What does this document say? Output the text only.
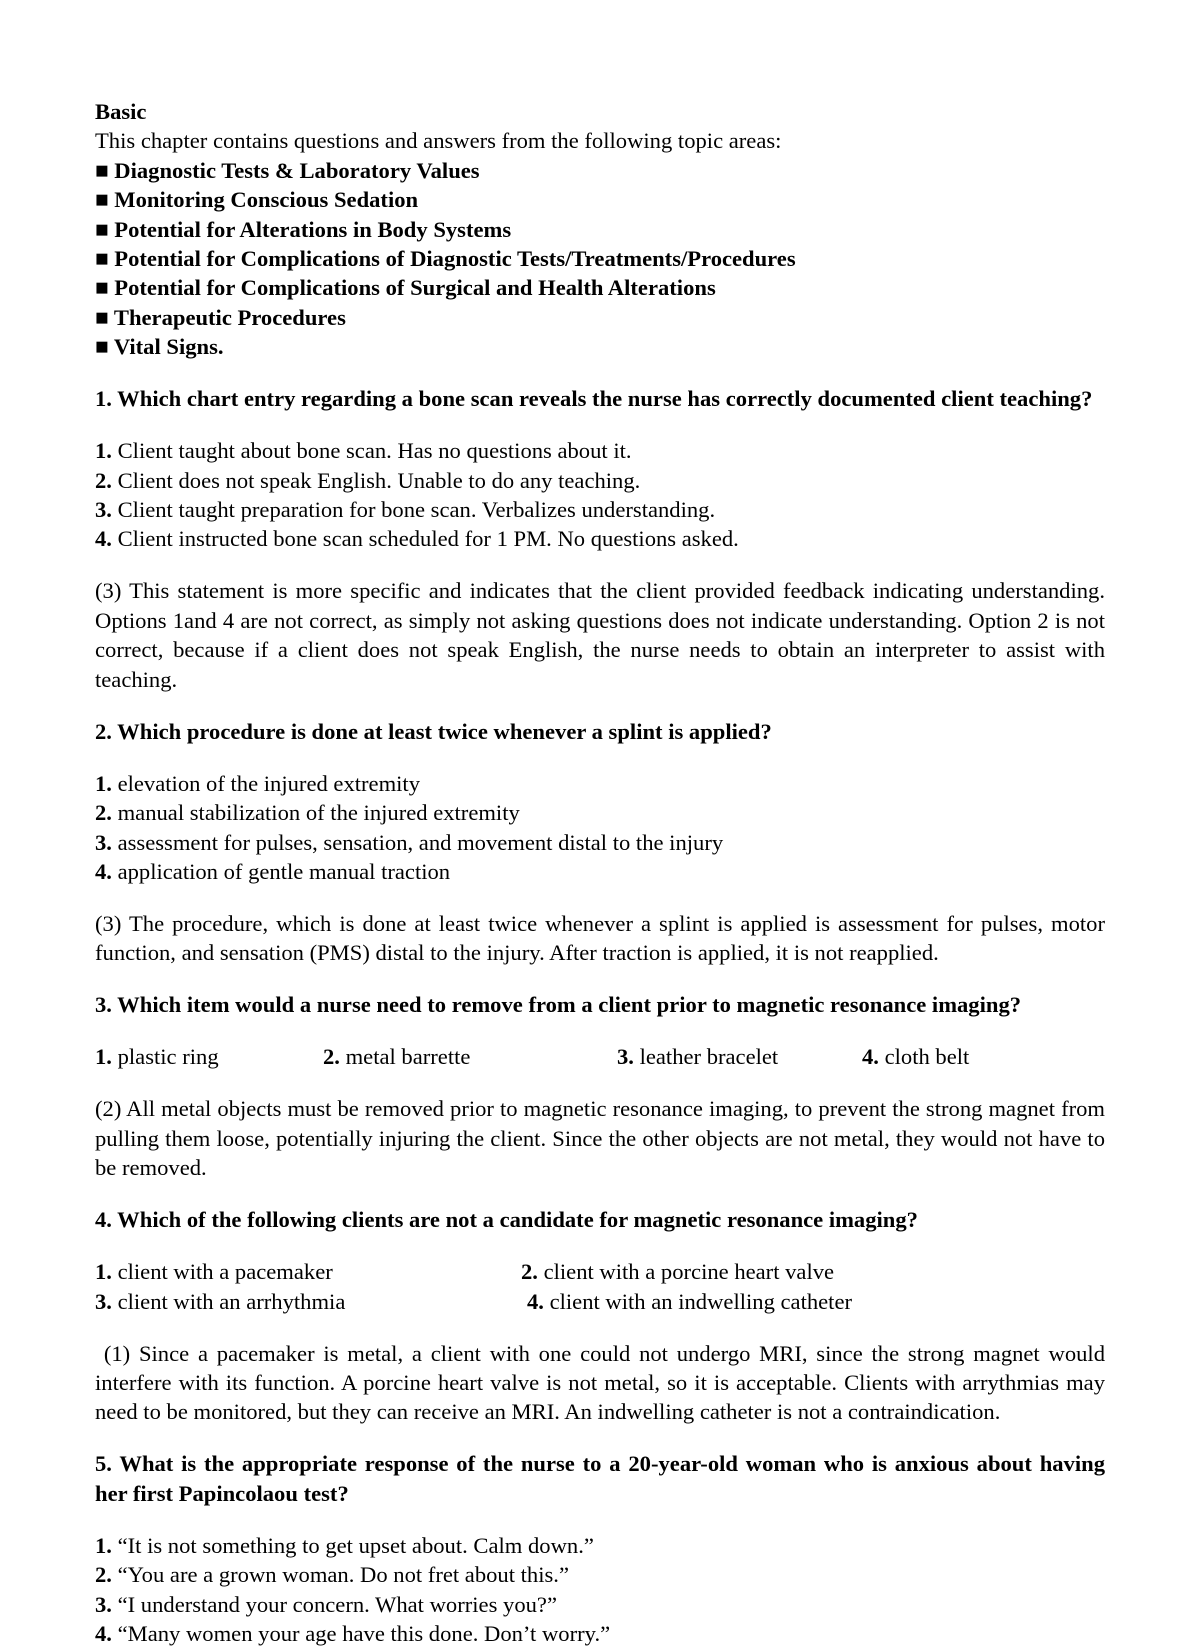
Basic

This chapter contains questions and answers from the following topic areas:

■ Diagnostic Tests & Laboratory Values

■ Monitoring Conscious Sedation

■ Potential for Alterations in Body Systems

■ Potential for Complications of Diagnostic Tests/Treatments/Procedures

■ Potential for Complications of Surgical and Health Alterations

■ Therapeutic Procedures

■ Vital Signs.

1. Which chart entry regarding a bone scan reveals the nurse has correctly documented client teaching?

1. Client taught about bone scan. Has no questions about it.

2. Client does not speak English. Unable to do any teaching.

3. Client taught preparation for bone scan. Verbalizes understanding.

4. Client instructed bone scan scheduled for 1 PM. No questions asked.

(3) This statement is more specific and indicates that the client provided feedback indicating understanding. Options 1and 4 are not correct, as simply not asking questions does not indicate understanding. Option 2 is not correct, because if a client does not speak English, the nurse needs to obtain an interpreter to assist with teaching.

2. Which procedure is done at least twice whenever a splint is applied?

1. elevation of the injured extremity

2. manual stabilization of the injured extremity

3. assessment for pulses, sensation, and movement distal to the injury

4. application of gentle manual traction

(3) The procedure, which is done at least twice whenever a splint is applied is assessment for pulses, motor function, and sensation (PMS) distal to the injury. After traction is applied, it is not reapplied.

3. Which item would a nurse need to remove from a client prior to magnetic resonance imaging?

1. plastic ring	2. metal barrette	3. leather bracelet	4. cloth belt

(2) All metal objects must be removed prior to magnetic resonance imaging, to prevent the strong magnet from pulling them loose, potentially injuring the client. Since the other objects are not metal, they would not have to be removed.

4. Which of the following clients are not a candidate for magnetic resonance imaging?

1. client with a pacemaker	2. client with a porcine heart valve
3. client with an arrhythmia	4. client with an indwelling catheter

(1) Since a pacemaker is metal, a client with one could not undergo MRI, since the strong magnet would interfere with its function. A porcine heart valve is not metal, so it is acceptable. Clients with arrythmias may need to be monitored, but they can receive an MRI. An indwelling catheter is not a contraindication.

5. What is the appropriate response of the nurse to a 20-year-old woman who is anxious about having her first Papincolaou test?

1. “It is not something to get upset about. Calm down.”

2. “You are a grown woman. Do not fret about this.”

3. “I understand your concern. What worries you?”

4. “Many women your age have this done. Don’t worry.”
